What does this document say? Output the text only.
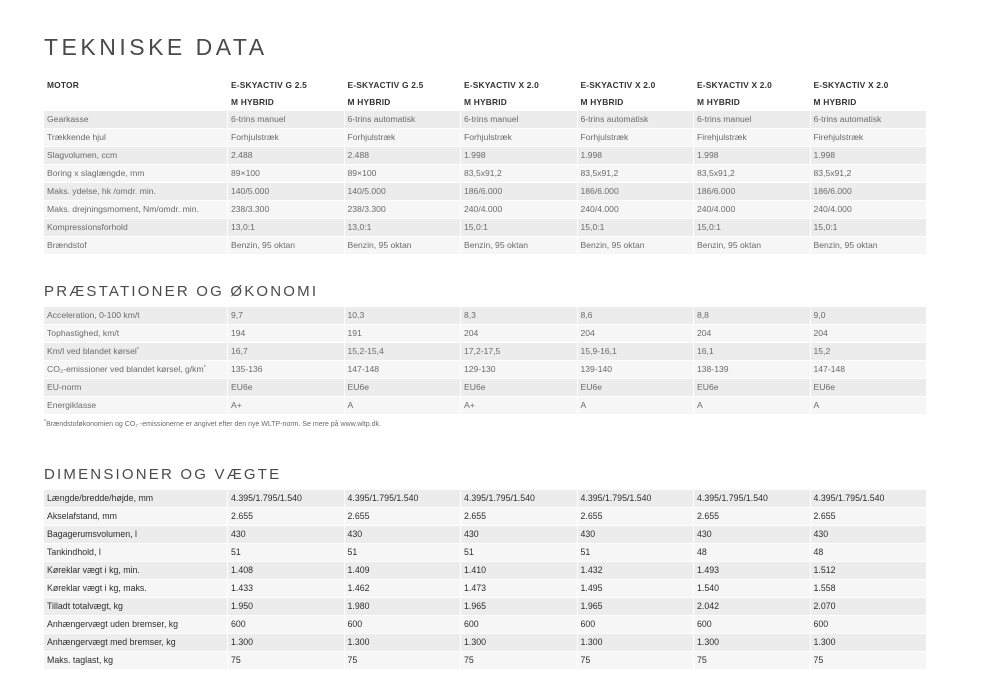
TEKNISKE DATA
MOTOR	E-SKYACTIV G 2.5	E-SKYACTIV G 2.5	E-SKYACTIV X 2.0	E-SKYACTIV X 2.0	E-SKYACTIV X 2.0	E-SKYACTIV X 2.0
	M HYBRID	M HYBRID	M HYBRID	M HYBRID	M HYBRID	M HYBRID
Gearkasse	6-trins manuel	6-trins automatisk	6-trins manuel	6-trins automatisk	6-trins manuel	6-trins automatisk
Trækkende hjul	Forhjulstræk	Forhjulstræk	Forhjulstræk	Forhjulstræk	Firehjulstræk	Firehjulstræk
Slagvolumen, ccm	2.488	2.488	1.998	1.998	1.998	1.998
Boring x slaglængde, mm	89×100	89×100	83,5x91,2	83,5x91,2	83,5x91,2	83,5x91,2
Maks. ydelse, hk /omdr. min.	140/5.000	140/5.000	186/6.000	186/6.000	186/6.000	186/6.000
Maks. drejningsmoment, Nm/omdr. min.	238/3.300	238/3.300	240/4.000	240/4.000	240/4.000	240/4.000
Kompressionsforhold	13,0:1	13,0:1	15,0:1	15,0:1	15,0:1	15,0:1
Brændstof	Benzin, 95 oktan	Benzin, 95 oktan	Benzin, 95 oktan	Benzin, 95 oktan	Benzin, 95 oktan	Benzin, 95 oktan
PRÆSTATIONER OG ØKONOMI
Acceleration, 0-100 km/t	9,7	10,3	8,3	8,6	8,8	9,0
Tophastighed, km/t	194	191	204	204	204	204
Km/l ved blandet kørsel*	16,7	15,2-15,4	17,2-17,5	15,9-16,1	16,1	15,2
CO₂-emissioner ved blandet kørsel, g/km*	135-136	147-148	129-130	139-140	138-139	147-148
EU-norm	EU6e	EU6e	EU6e	EU6e	EU6e	EU6e
Energiklasse	A+	A	A+	A	A	A

*Brændstoføkonomien og CO₂ -emissionerne er angivet efter den nye WLTP-norm. Se mere på www.wltp.dk.

DIMENSIONER OG VÆGTE
Længde/bredde/højde, mm	4.395/1.795/1.540	4.395/1.795/1.540	4.395/1.795/1.540	4.395/1.795/1.540	4.395/1.795/1.540	4.395/1.795/1.540
Akselafstand, mm	2.655	2.655	2.655	2.655	2.655	2.655
Bagagerumsvolumen, l	430	430	430	430	430	430
Tankindhold, l	51	51	51	51	48	48
Køreklar vægt i kg, min.	1.408	1.409	1.410	1.432	1.493	1.512
Køreklar vægt i kg, maks.	1.433	1.462	1.473	1.495	1.540	1.558
Tilladt totalvægt, kg	1.950	1.980	1.965	1.965	2.042	2.070
Anhængervægt uden bremser, kg	600	600	600	600	600	600
Anhængervægt med bremser, kg	1.300	1.300	1.300	1.300	1.300	1.300
Maks. taglast, kg	75	75	75	75	75	75
